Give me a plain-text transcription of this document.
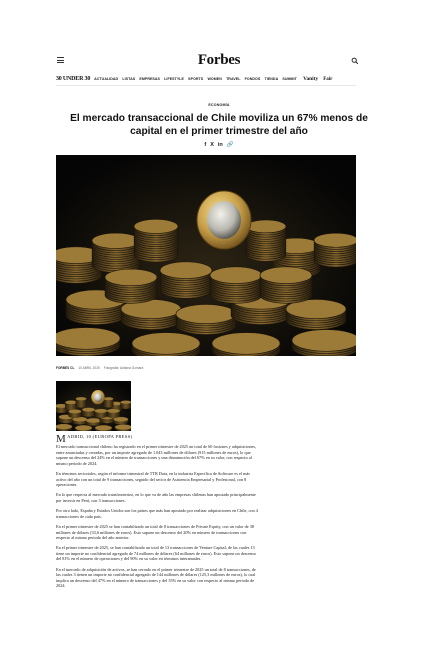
Forbes
30 UNDER 30 ACTUALIDAD LISTAS EMPRESAS LIFESTYLE SPORTS WOMEN TRAVEL FONDOS TIENDA SUMMIT Vanity Fair
ECONOMÍA
El mercado transaccional de Chile moviliza un 67% menos de capital en el primer trimestre del año
f X in 🔗
FORBES CL 10 ABRIL 2025 Fotografía: Adriana Gomara
MADRID, 10 (EUROPA PRESS)

El mercado transaccional chileno ha registrado en el primer trimestre de 2025 un total de 60 fusiones y adquisiciones, entre anunciadas y cerradas, por un importe agregado de 1.043 millones de dólares (915 millones de euros), lo que supone un descenso del 24% en el número de transacciones y una disminución del 67% en su valor, con respecto al mismo periodo de 2024.

En términos sectoriales, según el informe trimestral de TTR Data, en la industria Específica de Software es el más activo del año con un total de 9 transacciones, seguido del sector de Asistencia Empresarial y Profesional, con 8 operaciones.

En lo que respecta al mercado transfronterizo, en lo que va de año las empresas chilenas han apostado principalmente por invertir en Perú, con 3 transacciones.

Por otro lado, España y Estados Unidos son los países que más han apostado por realizar adquisiciones en Chile, con 4 transacciones de cada país.

En el primer trimestre de 2025 se han contabilizado un total de 8 transacciones de Private Equity, con un valor de 38 millones de dólares (33,6 millones de euros). Esto supone un descenso del 20% en número de transacciones con respecto al mismo periodo del año anterior.

En el primer trimestre de 2025, se han contabilizado un total de 13 transacciones de Venture Capital, de las cuales 13 tiene un importe no confidencial agregado de 74 millones de dólares (64 millones de euros). Esto supone un descenso del 81% en el número de operaciones y del 90% en su valor en términos interanuales.

En el mercado de adquisición de activos, se han cerrado en el primer trimestre de 2025 un total de 8 transacciones, de las cuales 3 tienen un importe no confidencial agregado de 144 millones de dólares (125,3 millones de euros), lo cual implica un descenso del 47% en el número de transacciones y del 35% en su valor con respecto al mismo periodo de 2024.
